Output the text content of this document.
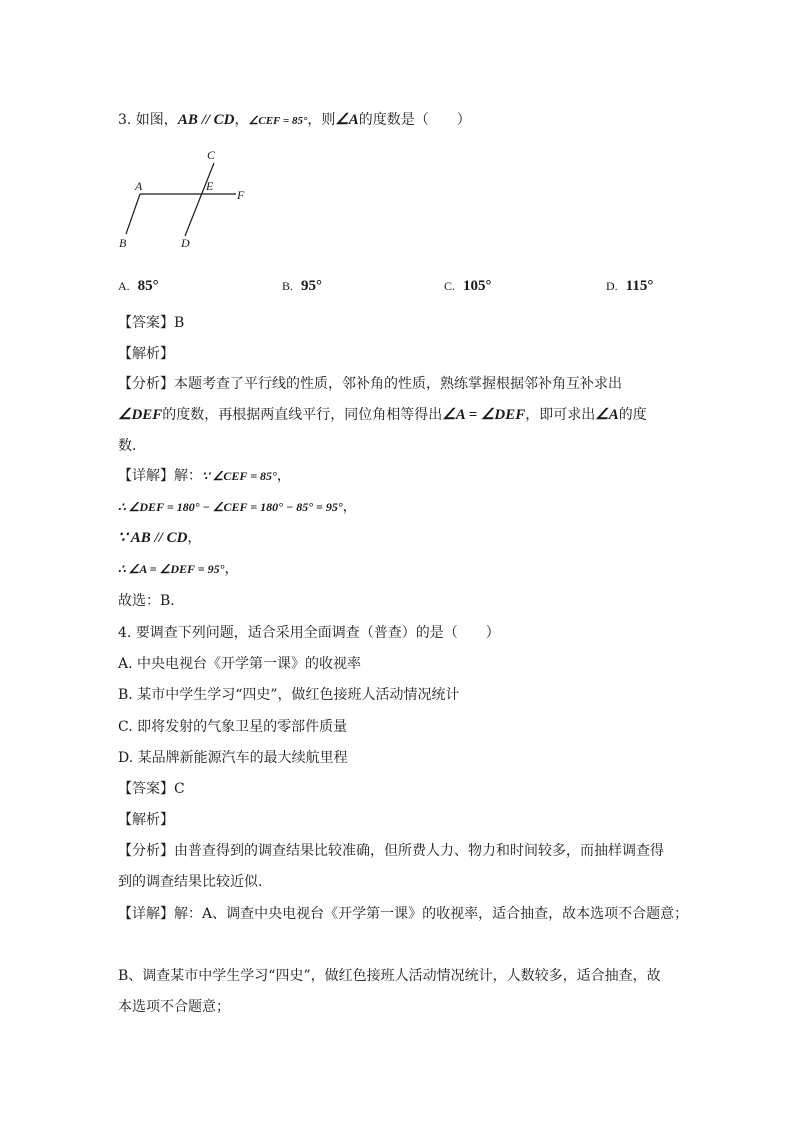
3. 如图，AB // CD，∠CEF = 85°，则∠A的度数是（　　）
C
A	E
F
B	D
A. 85°	B. 95°	C. 105°	D. 115°
【答案】B
【解析】
【分析】本题考查了平行线的性质，邻补角的性质，熟练掌握根据邻补角互补求出
∠DEF的度数，再根据两直线平行，同位角相等得出∠A = ∠DEF，即可求出∠A的度
数.
【详解】解：∵ ∠CEF = 85°，
∴ ∠DEF = 180° − ∠CEF = 180° − 85° = 95°，
∵ AB // CD，
∴ ∠A = ∠DEF = 95°，
故选：B.
4. 要调查下列问题，适合采用全面调查（普查）的是（　　）
A. 中央电视台《开学第一课》的收视率
B. 某市中学生学习“四史”，做红色接班人活动情况统计
C. 即将发射的气象卫星的零部件质量
D. 某品牌新能源汽车的最大续航里程
【答案】C
【解析】
【分析】由普查得到的调查结果比较准确，但所费人力、物力和时间较多，而抽样调查得
到的调查结果比较近似.
【详解】解：A、调查中央电视台《开学第一课》的收视率，适合抽查，故本选项不合题意；
B、调查某市中学生学习“四史”，做红色接班人活动情况统计，人数较多，适合抽查，故
本选项不合题意；
